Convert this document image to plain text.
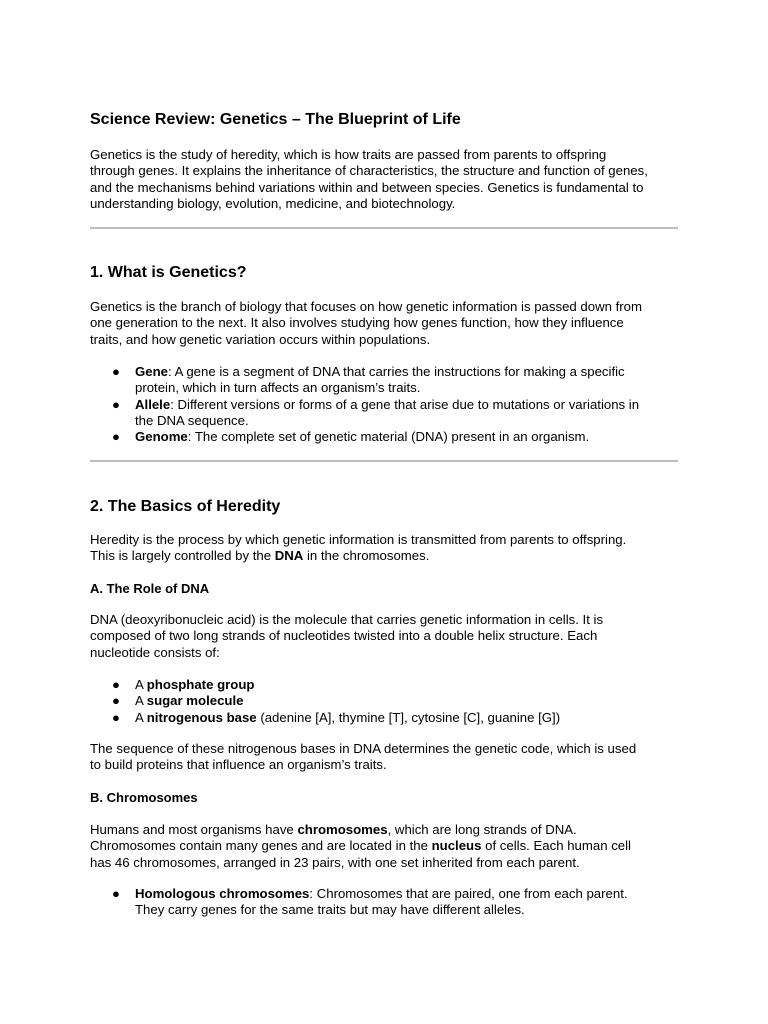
Science Review: Genetics – The Blueprint of Life

Genetics is the study of heredity, which is how traits are passed from parents to offspring
through genes. It explains the inheritance of characteristics, the structure and function of genes,
and the mechanisms behind variations within and between species. Genetics is fundamental to
understanding biology, evolution, medicine, and biotechnology.

1. What is Genetics?

Genetics is the branch of biology that focuses on how genetic information is passed down from
one generation to the next. It also involves studying how genes function, how they influence
traits, and how genetic variation occurs within populations.

● Gene: A gene is a segment of DNA that carries the instructions for making a specific
protein, which in turn affects an organism’s traits.
● Allele: Different versions or forms of a gene that arise due to mutations or variations in
the DNA sequence.
● Genome: The complete set of genetic material (DNA) present in an organism.
2. The Basics of Heredity

Heredity is the process by which genetic information is transmitted from parents to offspring.
This is largely controlled by the DNA in the chromosomes.

A. The Role of DNA

DNA (deoxyribonucleic acid) is the molecule that carries genetic information in cells. It is
composed of two long strands of nucleotides twisted into a double helix structure. Each
nucleotide consists of:

● A phosphate group
● A sugar molecule
● A nitrogenous base (adenine [A], thymine [T], cytosine [C], guanine [G])

The sequence of these nitrogenous bases in DNA determines the genetic code, which is used
to build proteins that influence an organism’s traits.

B. Chromosomes

Humans and most organisms have chromosomes, which are long strands of DNA.
Chromosomes contain many genes and are located in the nucleus of cells. Each human cell
has 46 chromosomes, arranged in 23 pairs, with one set inherited from each parent.

● Homologous chromosomes: Chromosomes that are paired, one from each parent.
They carry genes for the same traits but may have different alleles.
